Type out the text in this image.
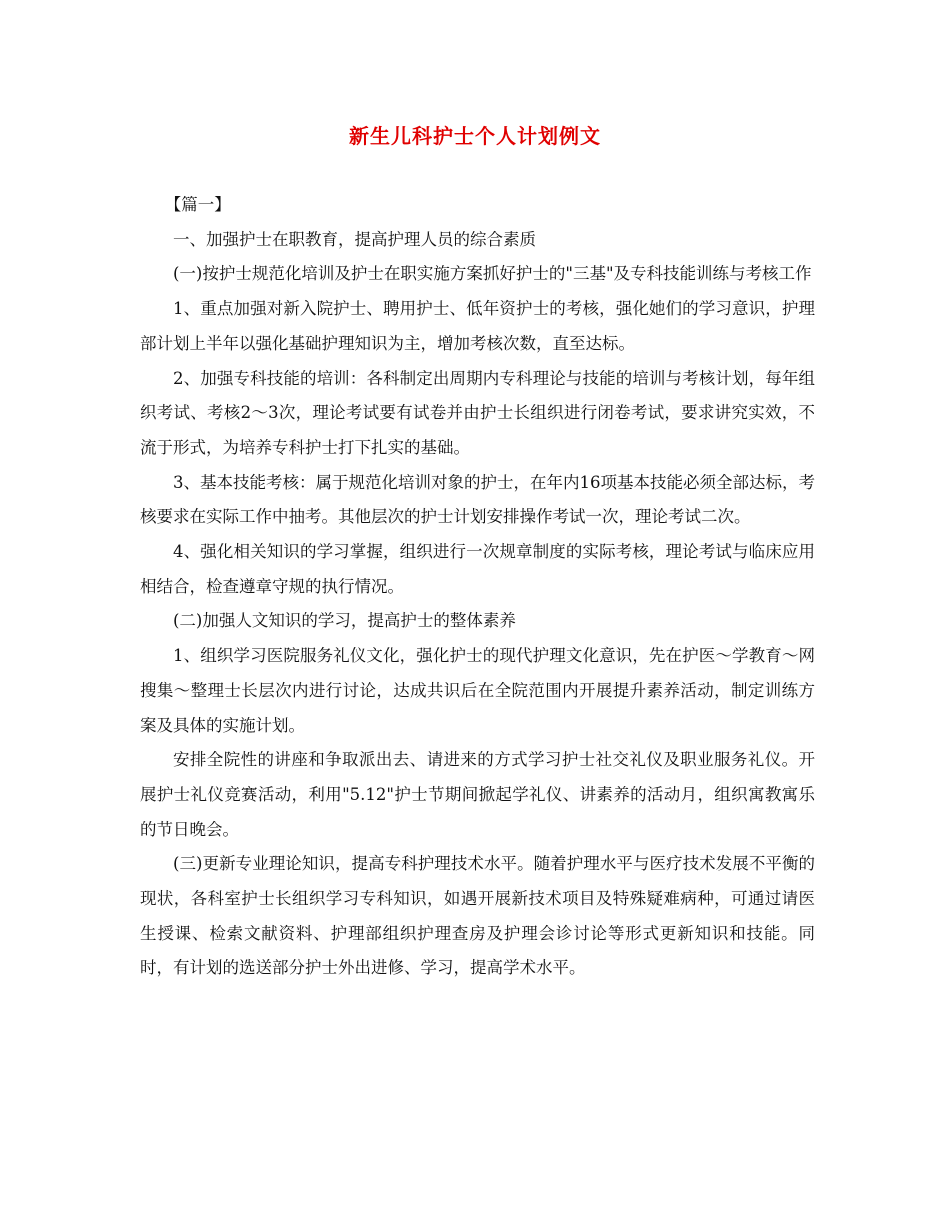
新生儿科护士个人计划例文

【篇一】

一、加强护士在职教育，提高护理人员的综合素质

(一)按护士规范化培训及护士在职实施方案抓好护士的"三基"及专科技能训练与考核工作

1、重点加强对新入院护士、聘用护士、低年资护士的考核，强化她们的学习意识，护理部计划上半年以强化基础护理知识为主，增加考核次数，直至达标。

2、加强专科技能的培训：各科制定出周期内专科理论与技能的培训与考核计划，每年组织考试、考核2～3次，理论考试要有试卷并由护士长组织进行闭卷考试，要求讲究实效，不流于形式，为培养专科护士打下扎实的基础。

3、基本技能考核：属于规范化培训对象的护士，在年内16项基本技能必须全部达标，考核要求在实际工作中抽考。其他层次的护士计划安排操作考试一次，理论考试二次。

4、强化相关知识的学习掌握，组织进行一次规章制度的实际考核，理论考试与临床应用相结合，检查遵章守规的执行情况。

(二)加强人文知识的学习，提高护士的整体素养

1、组织学习医院服务礼仪文化，强化护士的现代护理文化意识，先在护医～学教育～网搜集～整理士长层次内进行讨论，达成共识后在全院范围内开展提升素养活动，制定训练方案及具体的实施计划。

安排全院性的讲座和争取派出去、请进来的方式学习护士社交礼仪及职业服务礼仪。开展护士礼仪竞赛活动，利用"5.12"护士节期间掀起学礼仪、讲素养的活动月，组织寓教寓乐的节日晚会。

(三)更新专业理论知识，提高专科护理技术水平。随着护理水平与医疗技术发展不平衡的现状，各科室护士长组织学习专科知识，如遇开展新技术项目及特殊疑难病种，可通过请医生授课、检索文献资料、护理部组织护理查房及护理会诊讨论等形式更新知识和技能。同时，有计划的选送部分护士外出进修、学习，提高学术水平。
